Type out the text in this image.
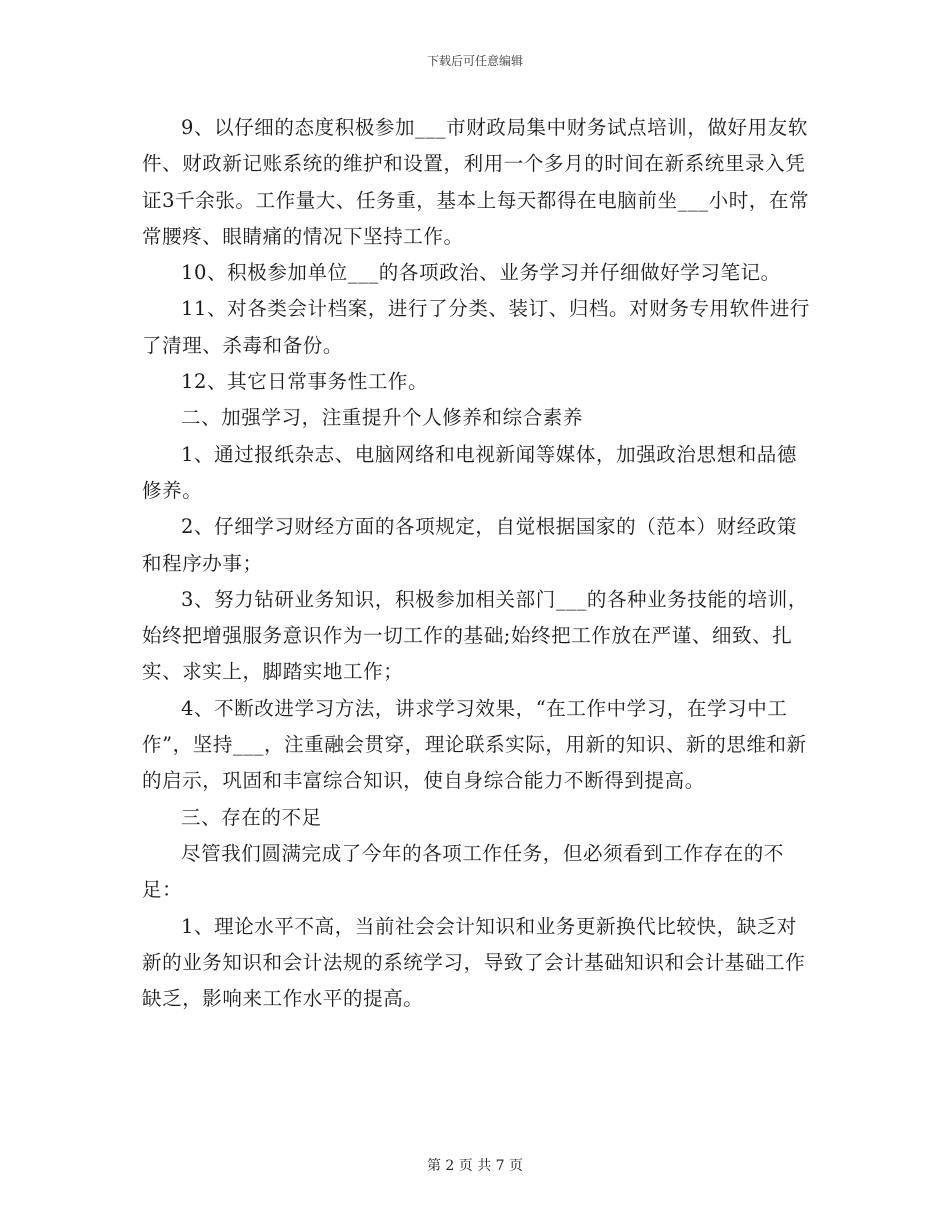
下载后可任意编辑

9、以仔细的态度积极参加___市财政局集中财务试点培训，做好用友软件、财政新记账系统的维护和设置，利用一个多月的时间在新系统里录入凭证3千余张。工作量大、任务重，基本上每天都得在电脑前坐___小时，在常常腰疼、眼睛痛的情况下坚持工作。

10、积极参加单位___的各项政治、业务学习并仔细做好学习笔记。

11、对各类会计档案，进行了分类、装订、归档。对财务专用软件进行了清理、杀毒和备份。

12、其它日常事务性工作。

二、加强学习，注重提升个人修养和综合素养

1、通过报纸杂志、电脑网络和电视新闻等媒体，加强政治思想和品德修养。

2、仔细学习财经方面的各项规定，自觉根据国家的（范本）财经政策和程序办事；

3、努力钻研业务知识，积极参加相关部门___的各种业务技能的培训，始终把增强服务意识作为一切工作的基础;始终把工作放在严谨、细致、扎实、求实上，脚踏实地工作；

4、不断改进学习方法，讲求学习效果，“在工作中学习，在学习中工作”，坚持___，注重融会贯穿，理论联系实际，用新的知识、新的思维和新的启示，巩固和丰富综合知识，使自身综合能力不断得到提高。

三、存在的不足

尽管我们圆满完成了今年的各项工作任务，但必须看到工作存在的不足：

1、理论水平不高，当前社会会计知识和业务更新换代比较快，缺乏对新的业务知识和会计法规的系统学习，导致了会计基础知识和会计基础工作缺乏，影响来工作水平的提高。

第 2 页 共 7 页
